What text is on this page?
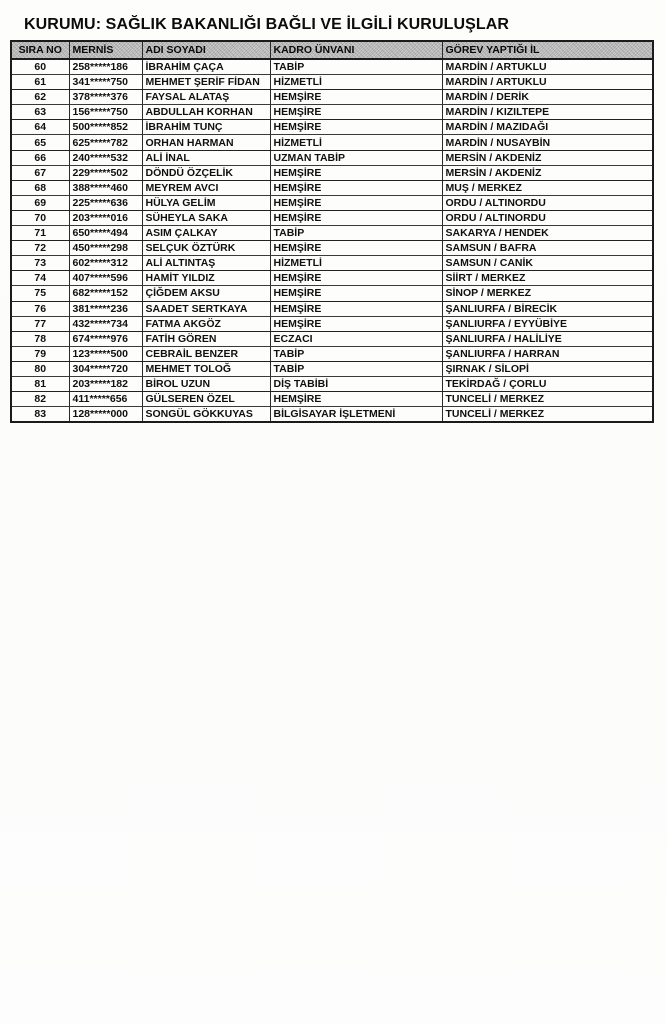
KURUMU: SAĞLIK BAKANLIĞI BAĞLI VE İLGİLİ KURULUŞLAR
SIRA NO	MERNİS	ADI SOYADI	KADRO ÜNVANI	GÖREV YAPTIĞI İL
60	258*****186	İBRAHİM ÇAÇA	TABİP	MARDİN / ARTUKLU
61	341*****750	MEHMET ŞERİF FİDAN	HİZMETLİ	MARDİN / ARTUKLU
62	378*****376	FAYSAL ALATAŞ	HEMŞİRE	MARDİN / DERİK
63	156*****750	ABDULLAH KORHAN	HEMŞİRE	MARDİN / KIZILTEPE
64	500*****852	İBRAHİM TUNÇ	HEMŞİRE	MARDİN / MAZIDAĞI
65	625*****782	ORHAN HARMAN	HİZMETLİ	MARDİN / NUSAYBİN
66	240*****532	ALİ İNAL	UZMAN TABİP	MERSİN / AKDENİZ
67	229*****502	DÖNDÜ ÖZÇELİK	HEMŞİRE	MERSİN / AKDENİZ
68	388*****460	MEYREM AVCI	HEMŞİRE	MUŞ / MERKEZ
69	225*****636	HÜLYA GELİM	HEMŞİRE	ORDU / ALTINORDU
70	203*****016	SÜHEYLA SAKA	HEMŞİRE	ORDU / ALTINORDU
71	650*****494	ASIM ÇALKAY	TABİP	SAKARYA / HENDEK
72	450*****298	SELÇUK ÖZTÜRK	HEMŞİRE	SAMSUN / BAFRA
73	602*****312	ALİ ALTINTAŞ	HİZMETLİ	SAMSUN / CANİK
74	407*****596	HAMİT YILDIZ	HEMŞİRE	SİİRT / MERKEZ
75	682*****152	ÇİĞDEM AKSU	HEMŞİRE	SİNOP / MERKEZ
76	381*****236	SAADET SERTKAYA	HEMŞİRE	ŞANLIURFA / BİRECİK
77	432*****734	FATMA AKGÖZ	HEMŞİRE	ŞANLIURFA / EYYÜBİYE
78	674*****976	FATİH GÖREN	ECZACI	ŞANLIURFA / HALİLİYE
79	123*****500	CEBRAİL BENZER	TABİP	ŞANLIURFA / HARRAN
80	304*****720	MEHMET TOLOĞ	TABİP	ŞIRNAK / SİLOPİ
81	203*****182	BİROL UZUN	DİŞ TABİBİ	TEKİRDAĞ / ÇORLU
82	411*****656	GÜLSEREN ÖZEL	HEMŞİRE	TUNCELİ / MERKEZ
83	128*****000	SONGÜL GÖKKUYAS	BİLGİSAYAR İŞLETMENİ	TUNCELİ / MERKEZ
